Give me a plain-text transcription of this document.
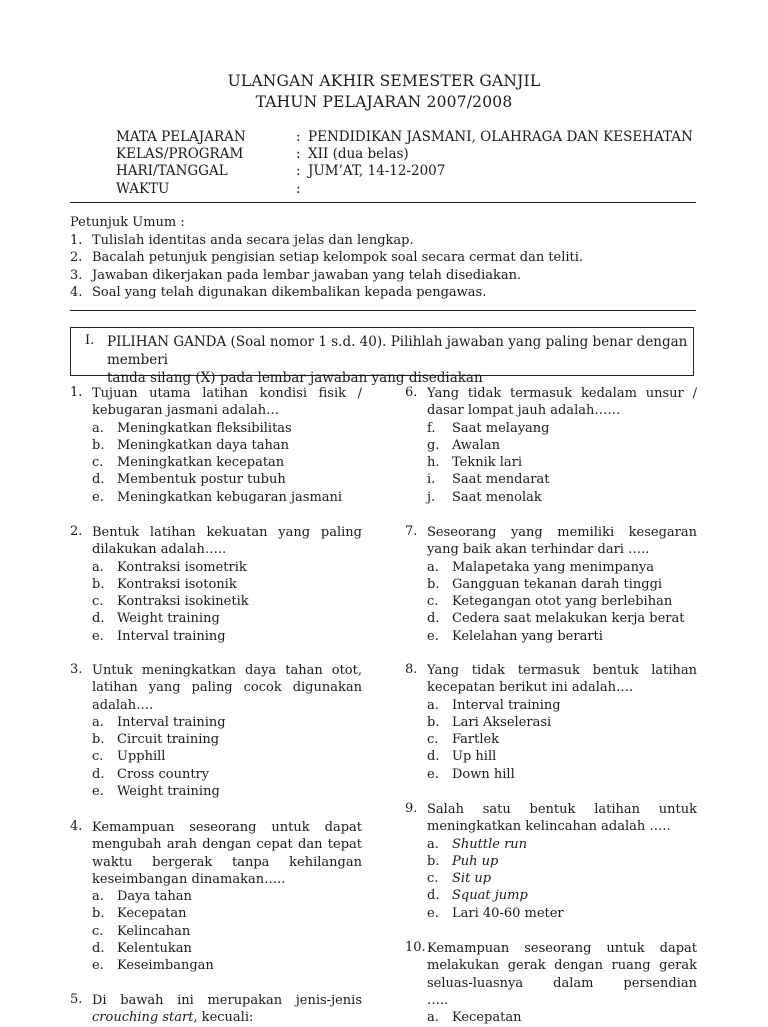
ULANGAN AKHIR SEMESTER GANJIL
TAHUN PELAJARAN 2007/2008
MATA PELAJARAN	: PENDIDIKAN JASMANI, OLAHRAGA DAN KESEHATAN
KELAS/PROGRAM	: XII (dua belas)
HARI/TANGGAL	: JUM’AT, 14-12-2007
WAKTU	:
Petunjuk Umum :
1. Tulislah identitas anda secara jelas dan lengkap.
2. Bacalah petunjuk pengisian setiap kelompok soal secara cermat dan teliti.
3. Jawaban dikerjakan pada lembar jawaban yang telah disediakan.
4. Soal yang telah digunakan dikembalikan kepada pengawas.
I. PILIHAN GANDA (Soal nomor 1 s.d. 40). Pilihlah jawaban yang paling benar dengan memberi
tanda silang (X) pada lembar jawaban yang disediakan
1. Tujuan utama latihan kondisi fisik /
kebugaran jasmani adalah…
a. Meningkatkan fleksibilitas
b. Meningkatkan daya tahan
c. Meningkatkan kecepatan
d. Membentuk postur tubuh
e. Meningkatkan kebugaran jasmani
2. Bentuk latihan kekuatan yang paling
dilakukan adalah…..
a. Kontraksi isometrik
b. Kontraksi isotonik
c. Kontraksi isokinetik
d. Weight training
e. Interval training
3. Untuk meningkatkan daya tahan otot,
latihan yang paling cocok digunakan
adalah….
a. Interval training
b. Circuit training
c. Upphill
d. Cross country
e. Weight training
4. Kemampuan seseorang untuk dapat
mengubah arah dengan cepat dan tepat
waktu bergerak tanpa kehilangan
keseimbangan dinamakan…..
a. Daya tahan
b. Kecepatan
c. Kelincahan
d. Kelentukan
e. Keseimbangan
5. Di bawah ini merupakan jenis-jenis
crouching start, kecuali:
6. Yang tidak termasuk kedalam unsur /
dasar lompat jauh adalah……
f. Saat melayang
g. Awalan
h. Teknik lari
i. Saat mendarat
j. Saat menolak
7. Seseorang yang memiliki kesegaran
yang baik akan terhindar dari …..
a. Malapetaka yang menimpanya
b. Gangguan tekanan darah tinggi
c. Ketegangan otot yang berlebihan
d. Cedera saat melakukan kerja berat
e. Kelelahan yang berarti
8. Yang tidak termasuk bentuk latihan
kecepatan berikut ini adalah….
a. Interval training
b. Lari Akselerasi
c. Fartlek
d. Up hill
e. Down hill
9. Salah satu bentuk latihan untuk
meningkatkan kelincahan adalah …..
a. Shuttle run
b. Puh up
c. Sit up
d. Squat jump
e. Lari 40-60 meter
10. Kemampuan seseorang untuk dapat
melakukan gerak dengan ruang gerak
seluas-luasnya dalam persendian
…..
a. Kecepatan
